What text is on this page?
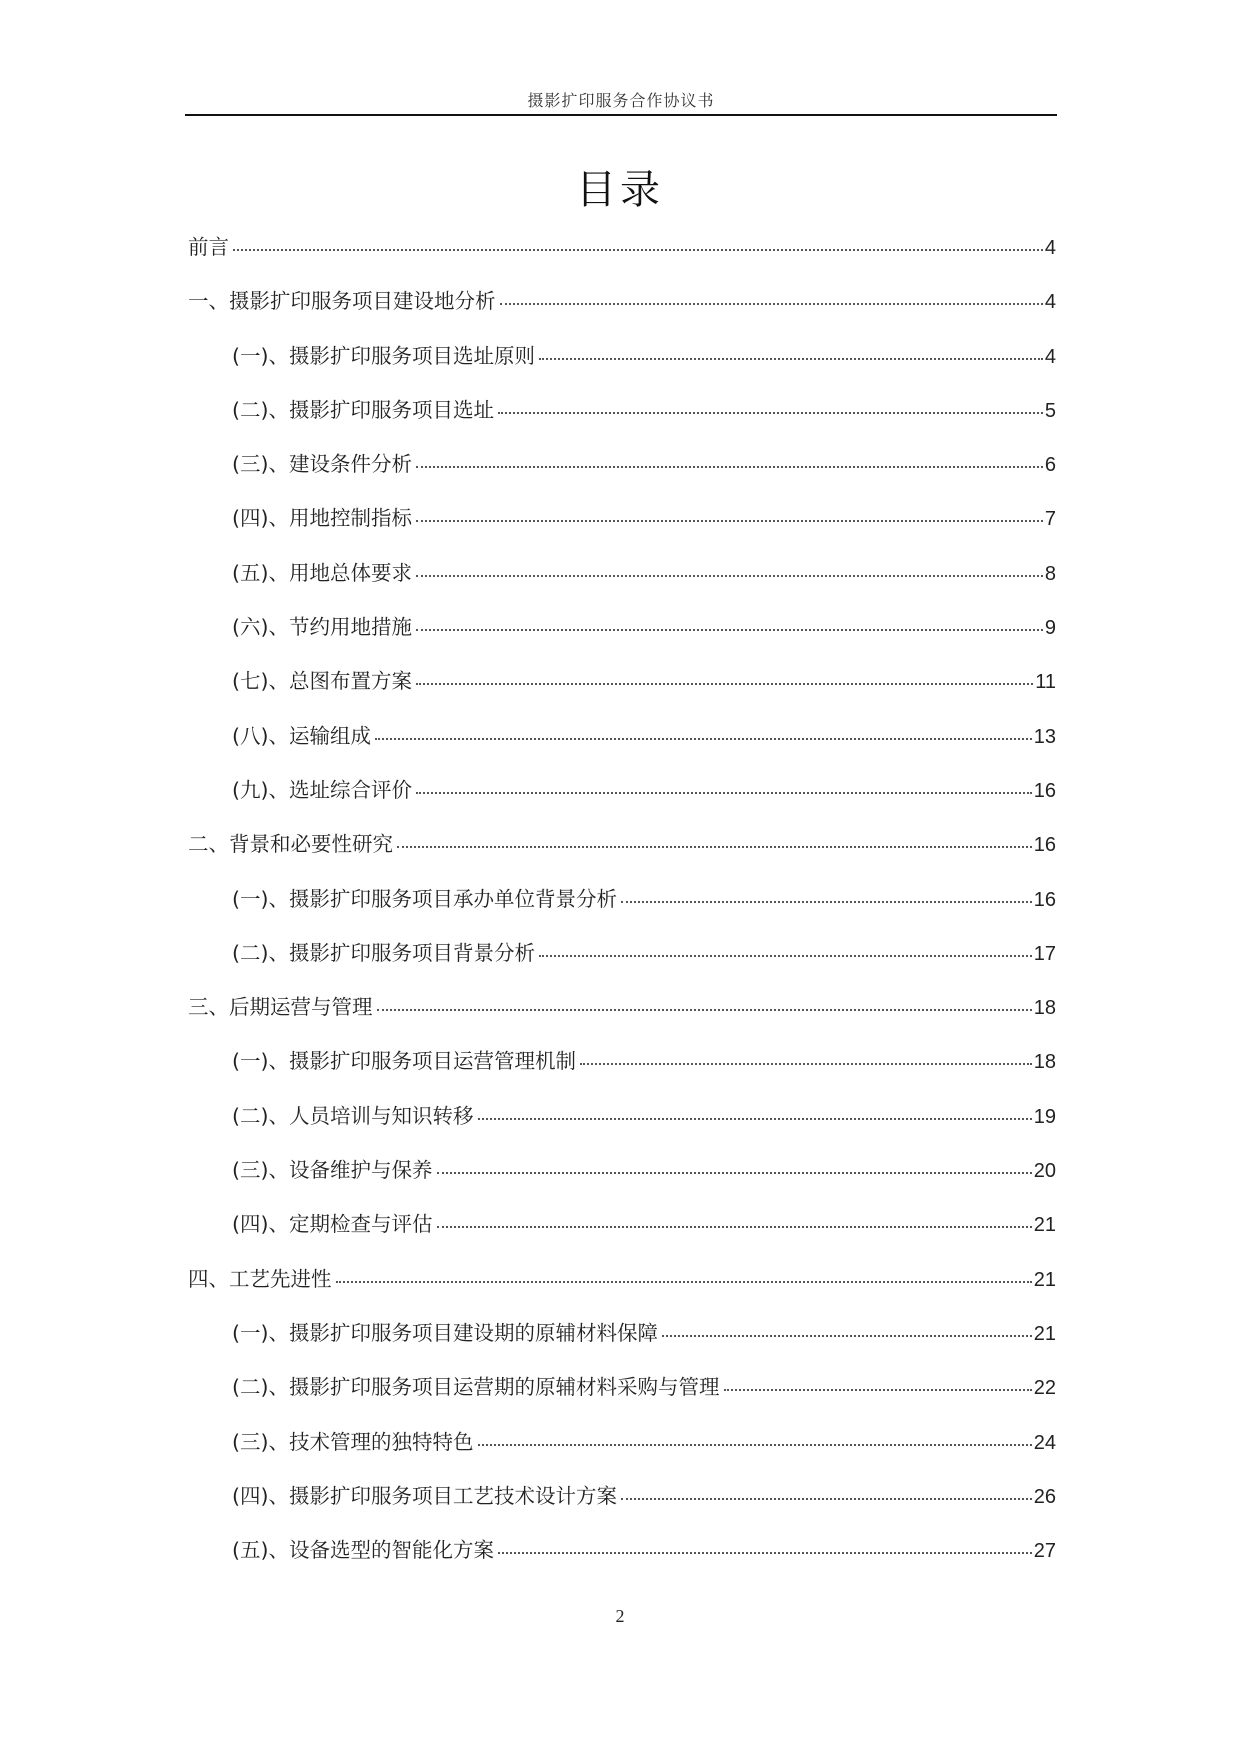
摄影扩印服务合作协议书
目录
前言	4
一、摄影扩印服务项目建设地分析	4
(一)、摄影扩印服务项目选址原则	4
(二)、摄影扩印服务项目选址	5
(三)、建设条件分析	6
(四)、用地控制指标	7
(五)、用地总体要求	8
(六)、节约用地措施	9
(七)、总图布置方案	11
(八)、运输组成	13
(九)、选址综合评价	16
二、背景和必要性研究	16
(一)、摄影扩印服务项目承办单位背景分析	16
(二)、摄影扩印服务项目背景分析	17
三、后期运营与管理	18
(一)、摄影扩印服务项目运营管理机制	18
(二)、人员培训与知识转移	19
(三)、设备维护与保养	20
(四)、定期检查与评估	21
四、工艺先进性	21
(一)、摄影扩印服务项目建设期的原辅材料保障	21
(二)、摄影扩印服务项目运营期的原辅材料采购与管理	22
(三)、技术管理的独特特色	24
(四)、摄影扩印服务项目工艺技术设计方案	26
(五)、设备选型的智能化方案	27
2
